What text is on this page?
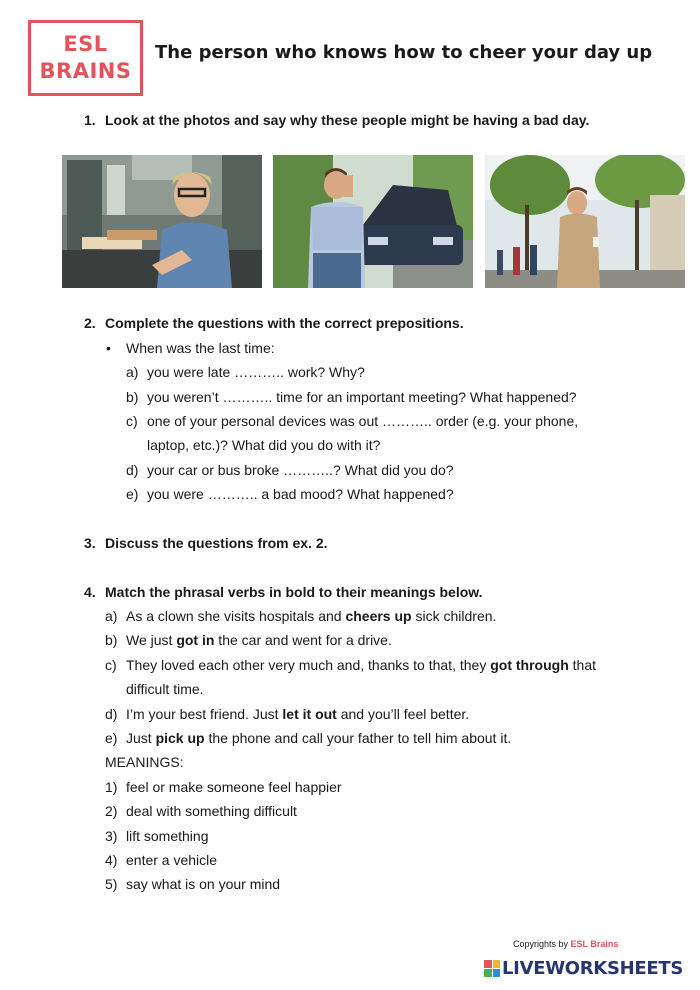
ESL
BRAINS
The person who knows how to cheer your day up
1. Look at the photos and say why these people might be having a bad day.
2. Complete the questions with the correct prepositions.
• When was the last time:
a) you were late ……….. work? Why?
b) you weren’t ……….. time for an important meeting? What happened?
c) one of your personal devices was out ……….. order (e.g. your phone,
laptop, etc.)? What did you do with it?
d) your car or bus broke ………..? What did you do?
e) you were ……….. a bad mood? What happened?
3. Discuss the questions from ex. 2.
4. Match the phrasal verbs in bold to their meanings below.
a) As a clown she visits hospitals and cheers up sick children.
b) We just got in the car and went for a drive.
c) They loved each other very much and, thanks to that, they got through that
difficult time.
d) I’m your best friend. Just let it out and you’ll feel better.
e) Just pick up the phone and call your father to tell him about it.
MEANINGS:
1) feel or make someone feel happier
2) deal with something difficult
3) lift something
4) enter a vehicle
5) say what is on your mind
Copyrights by ESL Brains
LIVEWORKSHEETS
